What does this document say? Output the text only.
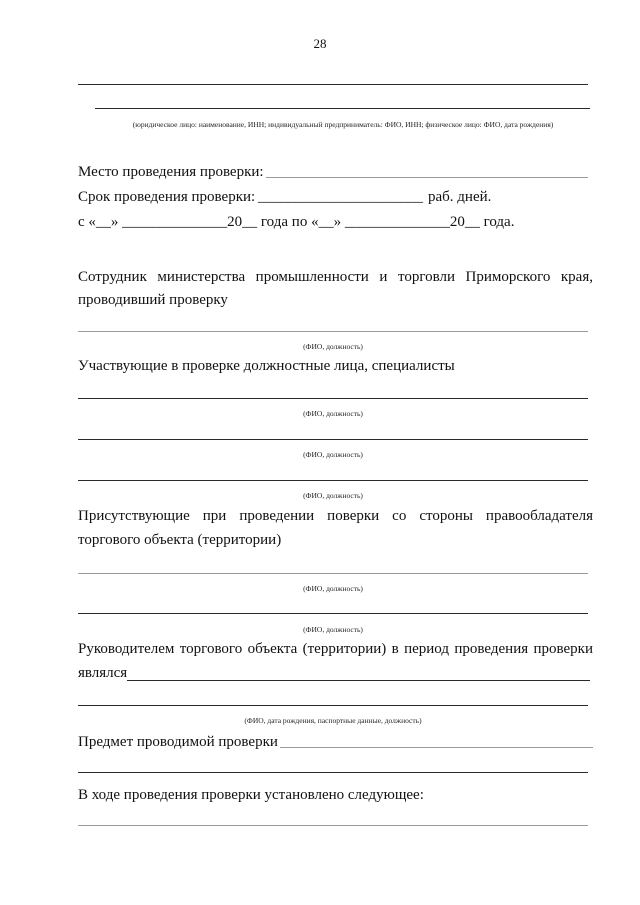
28
(юридическое лицо: наименование, ИНН; индивидуальный предприниматель: ФИО, ИНН; физическое лицо: ФИО, дата рождения)
Место проведения проверки:
Срок проведения проверки: ______________________ раб. дней.
с «__» ______________20__ года по «__» ______________20__ года.
Сотрудник министерства промышленности и торговли Приморского края,
проводивший проверку
(ФИО, должность)
Участвующие в проверке должностные лица, специалисты
(ФИО, должность)
(ФИО, должность)
(ФИО, должность)
Присутствующие при проведении поверки со стороны правообладателя
торгового объекта (территории)
(ФИО, должность)
(ФИО, должность)
Руководителем торгового объекта (территории) в период проведения проверки
являлся
(ФИО, дата рождения, паспортные данные, должность)
Предмет проводимой проверки
В ходе проведения проверки установлено следующее:
